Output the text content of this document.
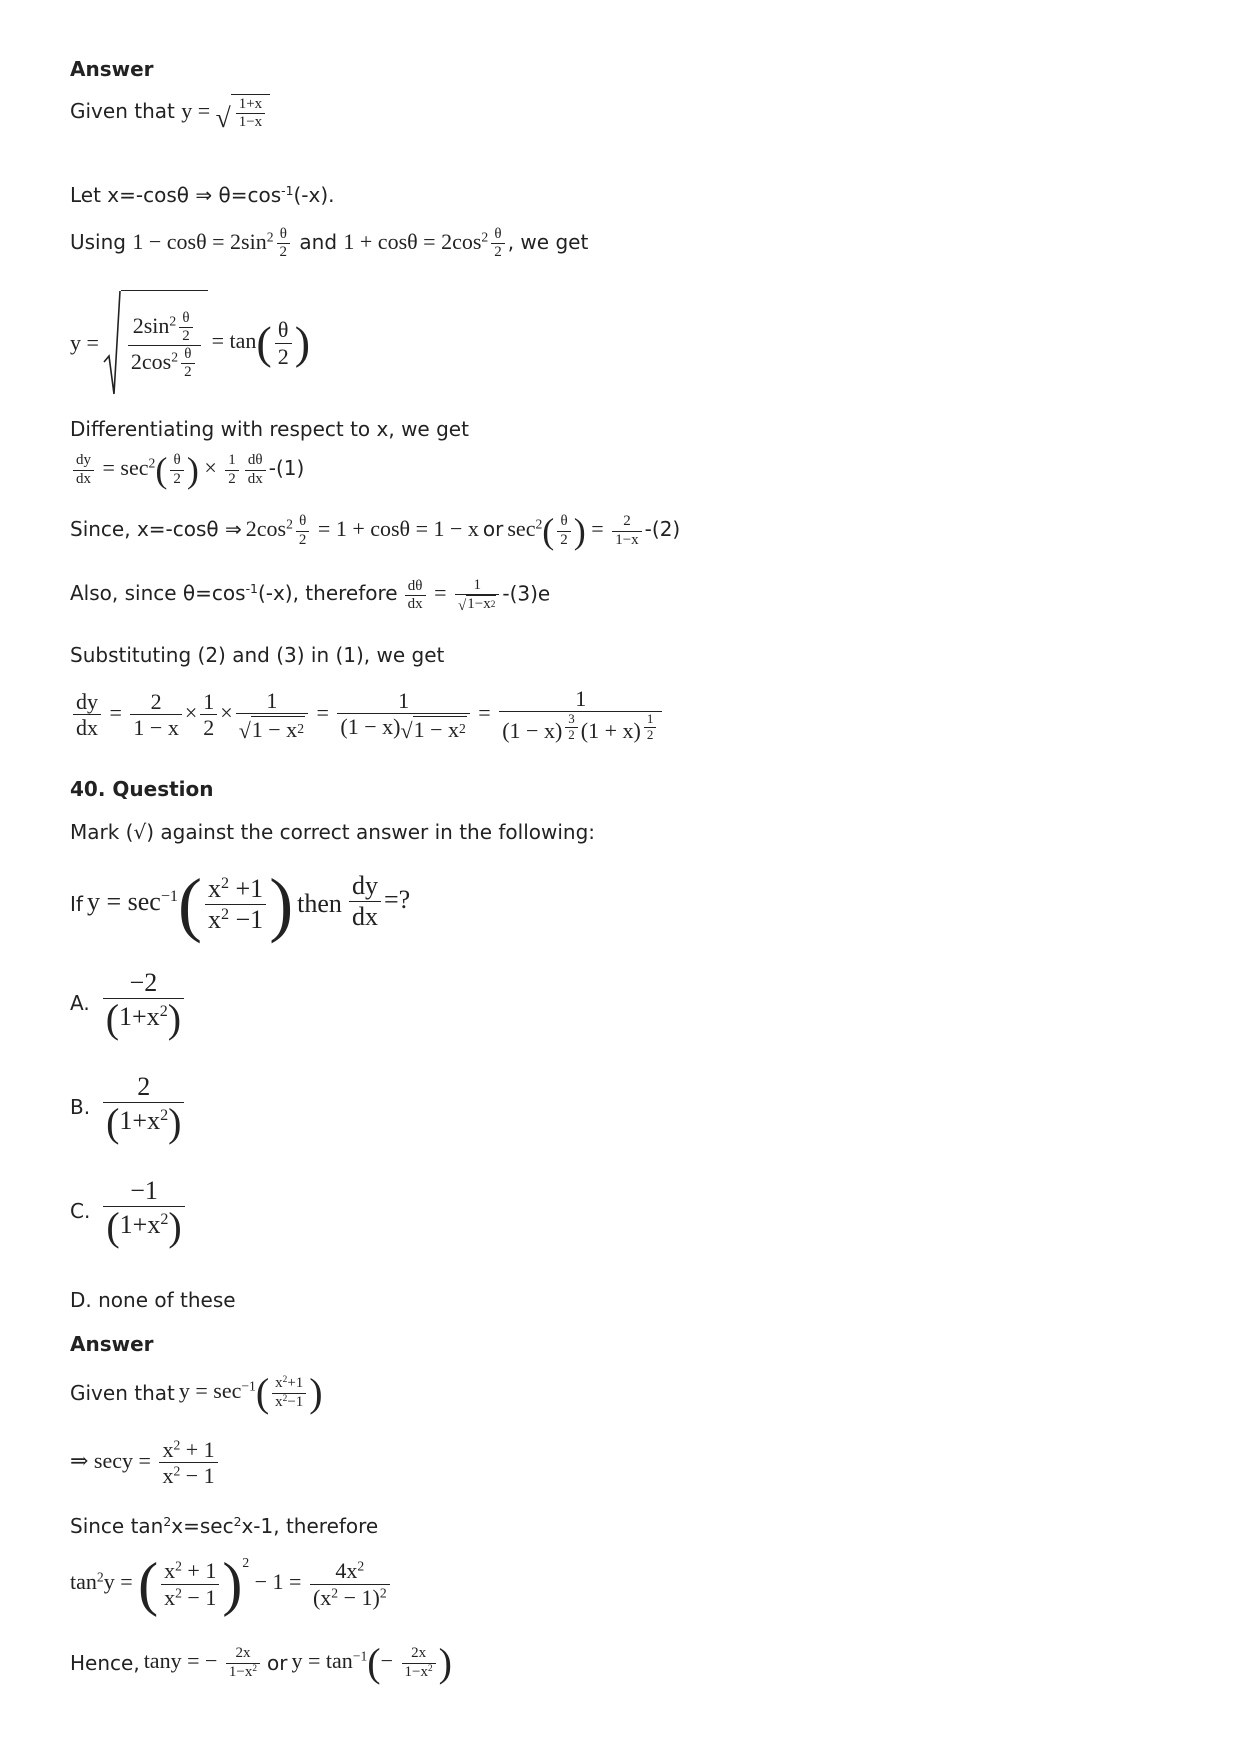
Answer
Given that y = √ $\frac{1+x}{1-x}$
Let x=-cosθ ⇒ $\theta=\cos^{-1}(-x)$.
Using $1 - \cos\theta = 2\sin^2 \frac{\theta}{2}$ and $1 + \cos\theta = 2\cos^2 \frac{\theta}{2}$ , we get
$y = \frac{2\sin^2 \frac{\theta}{2}}{2\cos^2 \frac{\theta}{2}} = \tan( \frac{\theta}{2}$ )
Differentiating with respect to x, we get
$\frac{dy}{dx} = \sec^2( \frac{\theta}{2}$ ) × $\frac{1}{2} \frac{d\theta}{dx} -(1)$
Since, x=-cosθ ⇒ $2\cos^2 \frac{\theta}{2} = 1 + \cos\theta = 1 - x$ or $\sec^2( \frac{\theta}{2}$ ) = $\frac{2}{1-x} -(2)$
Also, since $\theta=\cos^{-1}(-x)$, therefore $\frac{d\theta}{dx} = \frac{1}{√ 1-x 2} -(3)e$
Substituting (2) and (3) in (1), we get
$\frac{dy}{dx} = \frac{2}{1 - x} \times \frac{1}{2} \times \frac{1}{√ 1 - x 2} = \frac{1}{(1 - x) √ 1 - x 2} = 1$
(1 − x) $^{\frac{3}{2}}$ (1 + x) $^{\frac{1}{2}}$
40. Question
Mark (√) against the correct answer in the following:
If $y = \sec^{-1}( \frac{x^2 +1}{x^2 -1}$ ) then $\frac{dy}{dx}$ =?
A. $\frac{-2}{(1+x^2)}$
B. $\frac{2}{(1+x^2)}$
C. $\frac{-1}{(1+x^2)}$
D. none of these
Answer
Given that $y = \sec^{-1}( \frac{x^2+1}{x^2-1}$ )
⇒ $\sec y = \frac{x^2 + 1}{x^2 - 1}$
Since $\tan^2x=\sec^2x-1$, therefore
$\tan^2y$ = ( $\frac{x^2 + 1}{x^2 - 1} )^2 - 1 = \frac{4x^2}{(x^2 - 1)^2}$
Hence, tany = − $\frac{2x}{1-x^2}$ or $y = \tan^{-1}(- \frac{2x}{1-x^2}$ )
